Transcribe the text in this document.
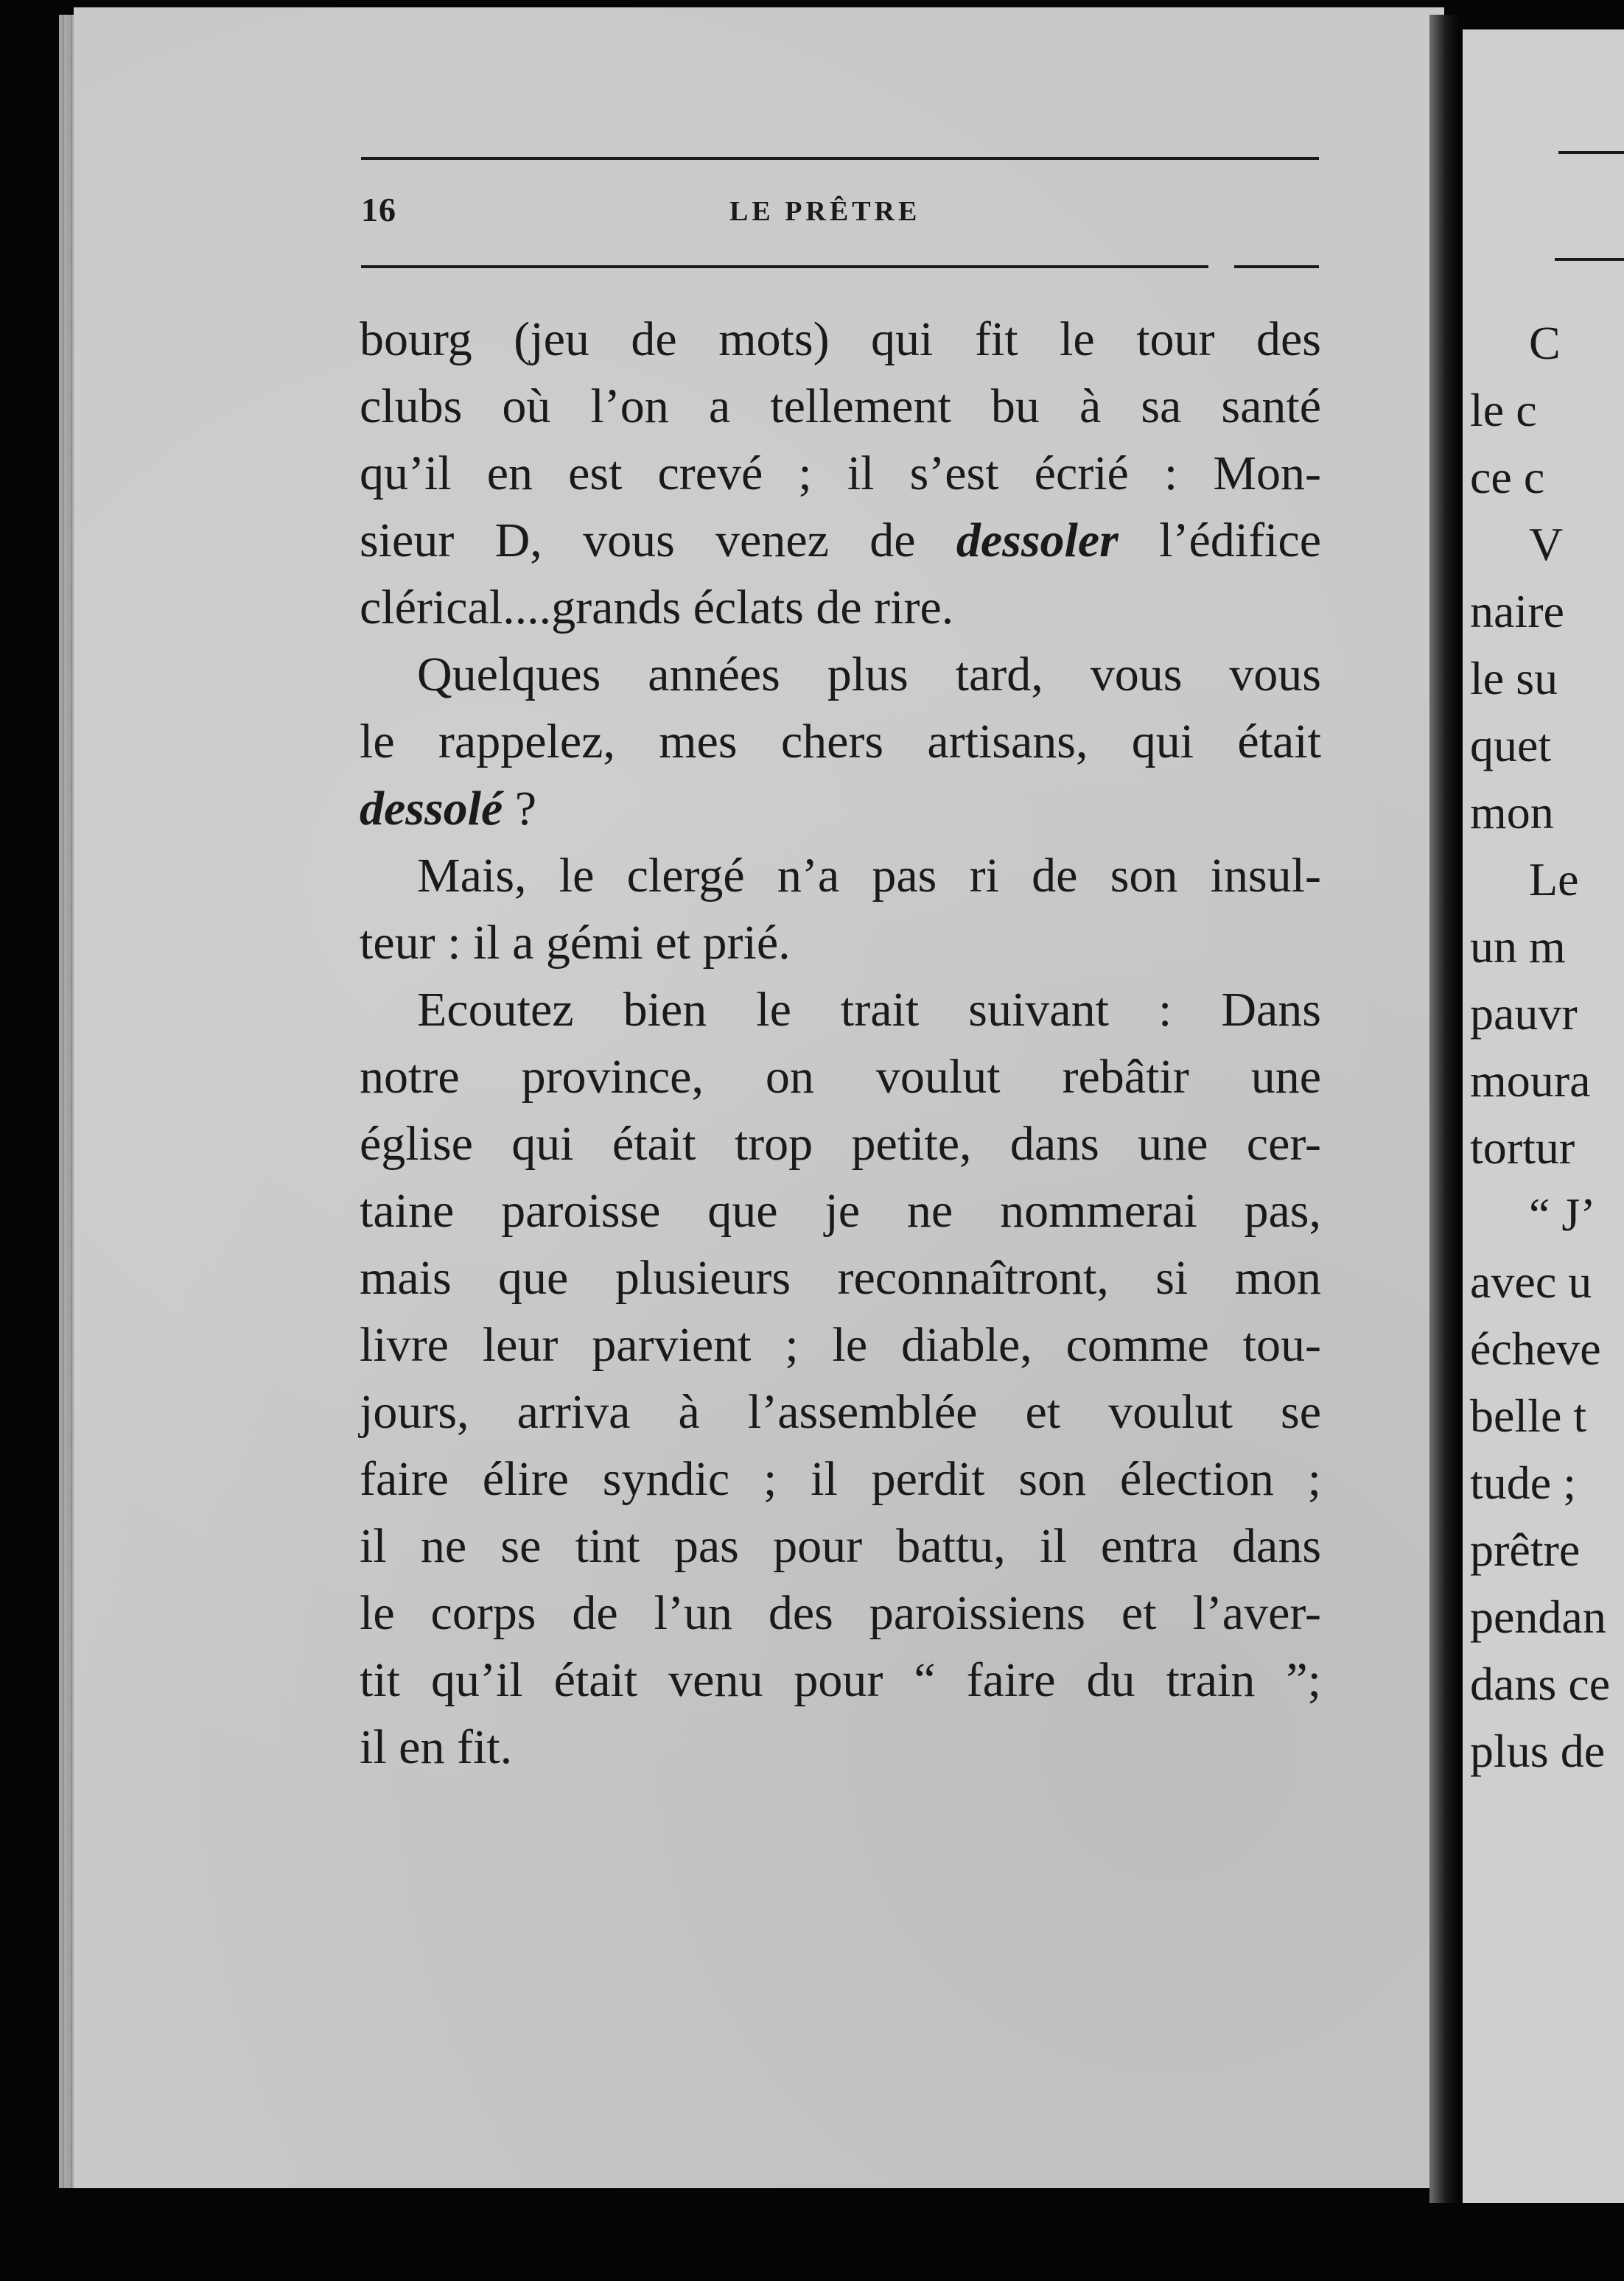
C
le c
ce c
V
naire
le su
quet
mon
Le
un m
pauvr
moura
tortur
“ J’
avec u
écheve
belle t
tude ;
prêtre
pendan
dans ce
plus de
16	LE PRÊTRE
bourg (jeu de mots) qui fit le tour des
clubs où l’on a tellement bu à sa santé
qu’il en est crevé ; il s’est écrié : Mon-
sieur D, vous venez de dessoler l’édifice
clérical....grands éclats de rire.
Quelques années plus tard, vous vous
le rappelez, mes chers artisans, qui était
dessolé ?
Mais, le clergé n’a pas ri de son insul-
teur : il a gémi et prié.
Ecoutez bien le trait suivant : Dans
notre province, on voulut rebâtir une
église qui était trop petite, dans une cer-
taine paroisse que je ne nommerai pas,
mais que plusieurs reconnaîtront, si mon
livre leur parvient ; le diable, comme tou-
jours, arriva à l’assemblée et voulut se
faire élire syndic ; il perdit son élection ;
il ne se tint pas pour battu, il entra dans
le corps de l’un des paroissiens et l’aver-
tit qu’il était venu pour “ faire du train ”;
il en fit.
